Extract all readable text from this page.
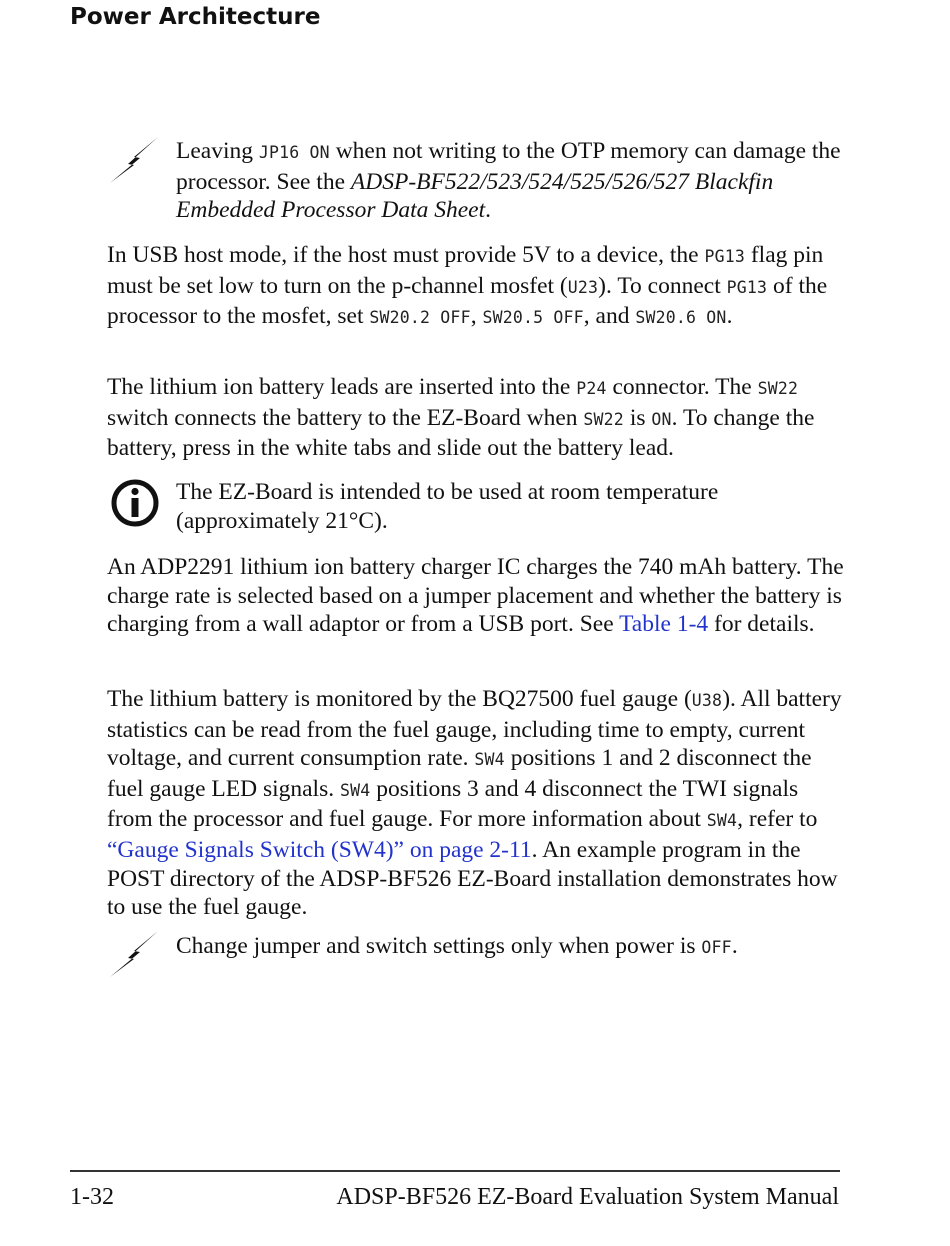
Power Architecture
Leaving JP16 ON when not writing to the OTP memory can damage the processor. See the ADSP-BF522/523/524/525/526/527 Blackfin Embedded Processor Data Sheet.
In USB host mode, if the host must provide 5V to a device, the PG13 flag pin must be set low to turn on the p-channel mosfet (U23). To connect PG13 of the processor to the mosfet, set SW20.2 OFF, SW20.5 OFF, and SW20.6 ON.
The lithium ion battery leads are inserted into the P24 connector. The SW22 switch connects the battery to the EZ-Board when SW22 is ON. To change the battery, press in the white tabs and slide out the battery lead.
The EZ-Board is intended to be used at room temperature (approximately 21°C).
An ADP2291 lithium ion battery charger IC charges the 740 mAh battery. The charge rate is selected based on a jumper placement and whether the battery is charging from a wall adaptor or from a USB port. See Table 1-4 for details.
The lithium battery is monitored by the BQ27500 fuel gauge (U38). All battery statistics can be read from the fuel gauge, including time to empty, current voltage, and current consumption rate. SW4 positions 1 and 2 disconnect the fuel gauge LED signals. SW4 positions 3 and 4 disconnect the TWI signals from the processor and fuel gauge. For more information about SW4, refer to “Gauge Signals Switch (SW4)” on page 2-11. An example program in the POST directory of the ADSP-BF526 EZ-Board installation demonstrates how to use the fuel gauge.
Change jumper and switch settings only when power is OFF.
1-32	ADSP-BF526 EZ-Board Evaluation System Manual
